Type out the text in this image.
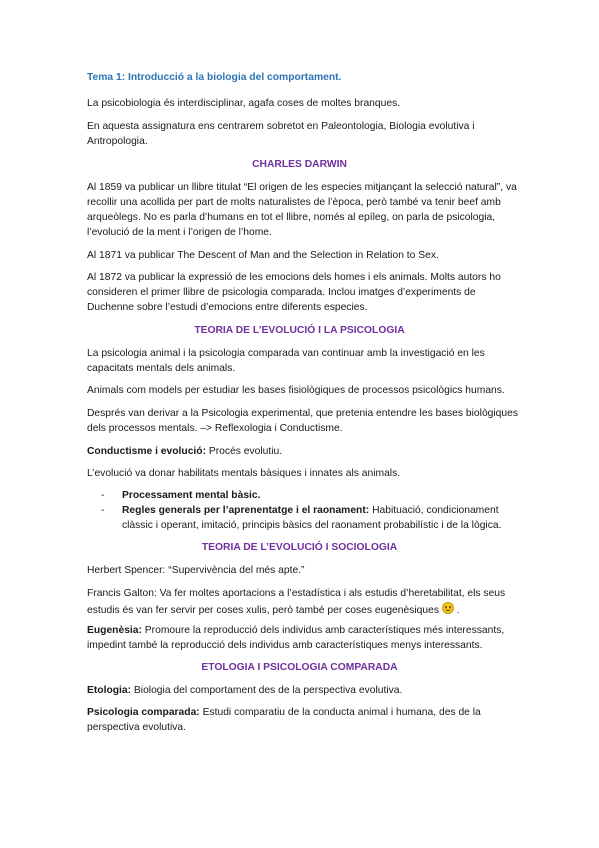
Tema 1: Introducció a la biologia del comportament.
La psicobiologia és interdisciplinar, agafa coses de moltes branques.
En aquesta assignatura ens centrarem sobretot en Paleontologia, Biologia evolutiva i
Antropologia.
CHARLES DARWIN
Al 1859 va publicar un llibre titulat “El origen de les especies mitjançant la selecció natural”, va
recollir una acollida per part de molts naturalistes de l’època, però també va tenir beef amb
arqueòlegs. No es parla d’humans en tot el llibre, només al epíleg, on parla de psicologia,
l’evolució de la ment i l’origen de l’home.
Al 1871 va publicar The Descent of Man and the Selection in Relation to Sex.
Al 1872 va publicar la expressió de les emocions dels homes i els animals. Molts autors ho
consideren el primer llibre de psicologia comparada. Inclou imatges d’experiments de
Duchenne sobre l’estudi d’emocions entre diferents especies.
TEORIA DE L’EVOLUCIÓ I LA PSICOLOGIA
La psicologia animal i la psicologia comparada van continuar amb la investigació en les
capacitats mentals dels animals.
Animals com models per estudiar les bases fisiològiques de processos psicològics humans.
Després van derivar a la Psicologia experimental, que pretenia entendre les bases biològiques
dels processos mentals. –> Reflexologia i Conductisme.
Conductisme i evolució: Procés evolutiu.
L’evolució va donar habilitats mentals bàsiques i innates als animals.
- Processament mental bàsic.
- Regles generals per l’aprenentatge i el raonament: Habituació, condicionament
clàssic i operant, imitació, principis bàsics del raonament probabilístic i de la lògica.
TEORIA DE L’EVOLUCIÓ I SOCIOLOGIA
Herbert Spencer: “Supervivència del més apte.”
Francis Galton: Va fer moltes aportacions a l’estadística i als estudis d’heretabilitat, els seus
estudis és van fer servir per coses xulis, però també per coses eugenèsiques  .
Eugenèsia: Promoure la reproducció dels individus amb característiques més interessants,
impedint també la reproducció dels individus amb característiques menys interessants.
ETOLOGIA I PSICOLOGIA COMPARADA
Etologia: Biologia del comportament des de la perspectiva evolutiva.
Psicologia comparada: Estudi comparatiu de la conducta animal i humana, des de la
perspectiva evolutiva.
